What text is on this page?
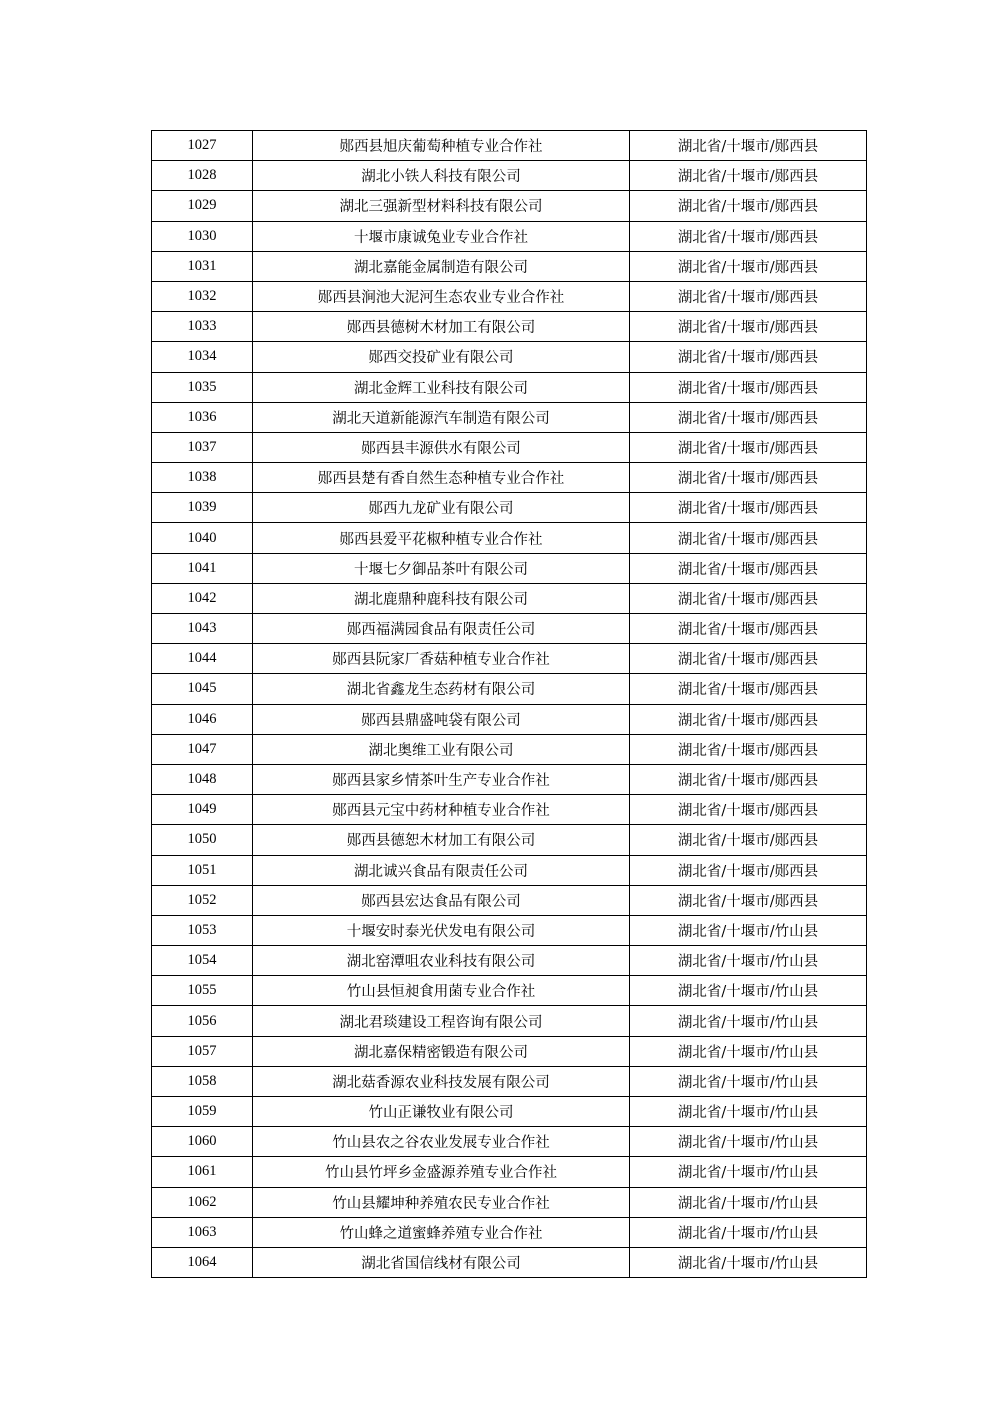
1027	郧西县旭庆葡萄种植专业合作社	湖北省/十堰市/郧西县
1028	湖北小铁人科技有限公司	湖北省/十堰市/郧西县
1029	湖北三强新型材料科技有限公司	湖北省/十堰市/郧西县
1030	十堰市康诚兔业专业合作社	湖北省/十堰市/郧西县
1031	湖北嘉能金属制造有限公司	湖北省/十堰市/郧西县
1032	郧西县涧池大泥河生态农业专业合作社	湖北省/十堰市/郧西县
1033	郧西县德树木材加工有限公司	湖北省/十堰市/郧西县
1034	郧西交投矿业有限公司	湖北省/十堰市/郧西县
1035	湖北金辉工业科技有限公司	湖北省/十堰市/郧西县
1036	湖北天道新能源汽车制造有限公司	湖北省/十堰市/郧西县
1037	郧西县丰源供水有限公司	湖北省/十堰市/郧西县
1038	郧西县楚有香自然生态种植专业合作社	湖北省/十堰市/郧西县
1039	郧西九龙矿业有限公司	湖北省/十堰市/郧西县
1040	郧西县爱平花椒种植专业合作社	湖北省/十堰市/郧西县
1041	十堰七夕御品茶叶有限公司	湖北省/十堰市/郧西县
1042	湖北鹿鼎种鹿科技有限公司	湖北省/十堰市/郧西县
1043	郧西福满园食品有限责任公司	湖北省/十堰市/郧西县
1044	郧西县阮家厂香菇种植专业合作社	湖北省/十堰市/郧西县
1045	湖北省鑫龙生态药材有限公司	湖北省/十堰市/郧西县
1046	郧西县鼎盛吨袋有限公司	湖北省/十堰市/郧西县
1047	湖北奥维工业有限公司	湖北省/十堰市/郧西县
1048	郧西县家乡情茶叶生产专业合作社	湖北省/十堰市/郧西县
1049	郧西县元宝中药材种植专业合作社	湖北省/十堰市/郧西县
1050	郧西县德恕木材加工有限公司	湖北省/十堰市/郧西县
1051	湖北诚兴食品有限责任公司	湖北省/十堰市/郧西县
1052	郧西县宏达食品有限公司	湖北省/十堰市/郧西县
1053	十堰安时泰光伏发电有限公司	湖北省/十堰市/竹山县
1054	湖北窑潭咀农业科技有限公司	湖北省/十堰市/竹山县
1055	竹山县恒昶食用菌专业合作社	湖北省/十堰市/竹山县
1056	湖北君琰建设工程咨询有限公司	湖北省/十堰市/竹山县
1057	湖北嘉保精密锻造有限公司	湖北省/十堰市/竹山县
1058	湖北菇香源农业科技发展有限公司	湖北省/十堰市/竹山县
1059	竹山正谦牧业有限公司	湖北省/十堰市/竹山县
1060	竹山县农之谷农业发展专业合作社	湖北省/十堰市/竹山县
1061	竹山县竹坪乡金盛源养殖专业合作社	湖北省/十堰市/竹山县
1062	竹山县耀坤种养殖农民专业合作社	湖北省/十堰市/竹山县
1063	竹山蜂之道蜜蜂养殖专业合作社	湖北省/十堰市/竹山县
1064	湖北省国信线材有限公司	湖北省/十堰市/竹山县
